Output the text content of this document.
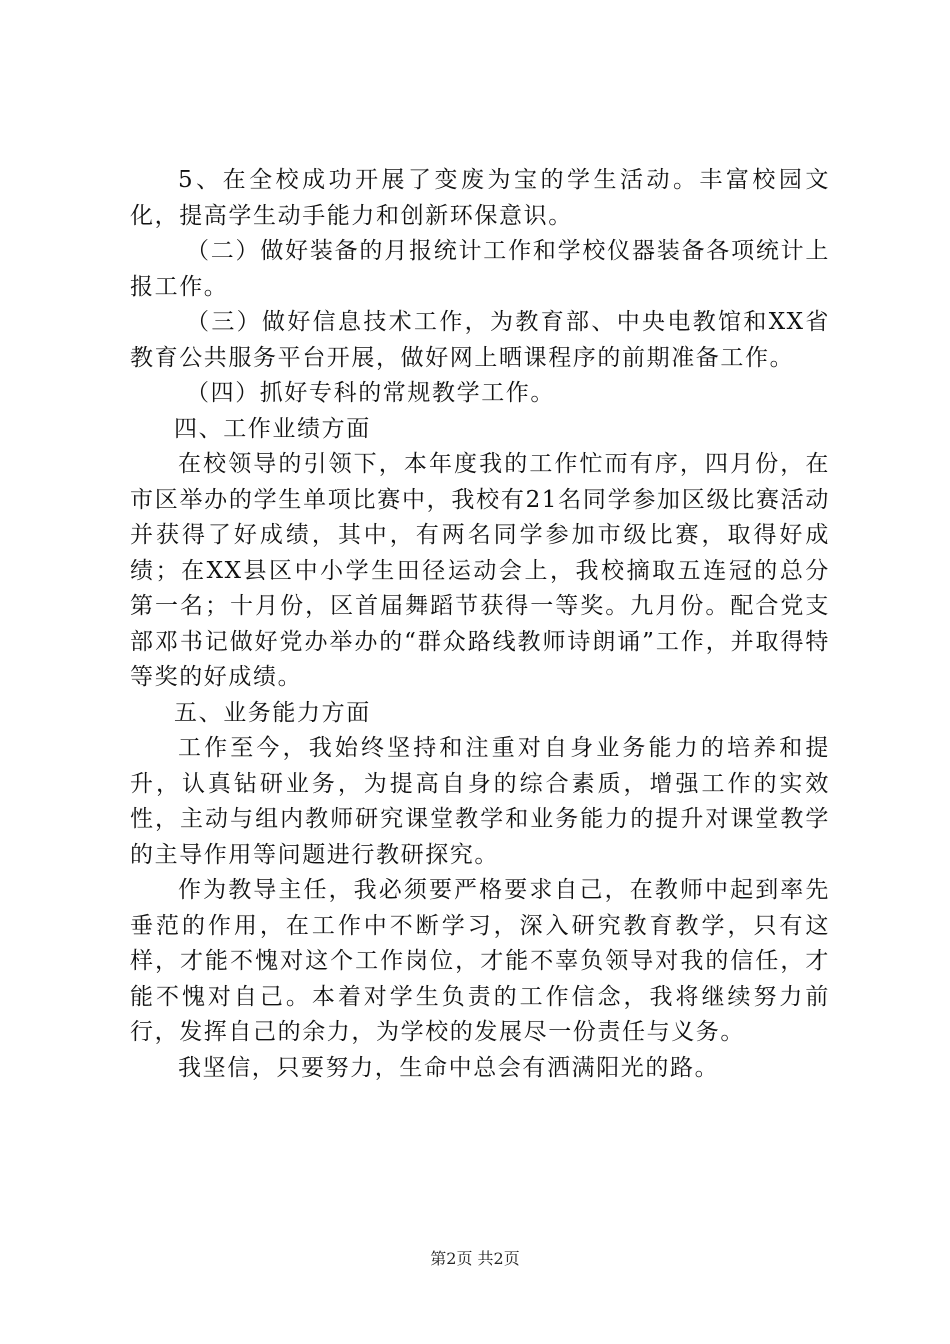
5、在全校成功开展了变废为宝的学生活动。丰富校园文化，提高学生动手能力和创新环保意识。

（二）做好装备的月报统计工作和学校仪器装备各项统计上报工作。

（三）做好信息技术工作，为教育部、中央电教馆和XX省教育公共服务平台开展，做好网上晒课程序的前期准备工作。

（四）抓好专科的常规教学工作。

四、工作业绩方面

在校领导的引领下，本年度我的工作忙而有序，四月份，在市区举办的学生单项比赛中，我校有21名同学参加区级比赛活动并获得了好成绩，其中，有两名同学参加市级比赛，取得好成绩；在XX县区中小学生田径运动会上，我校摘取五连冠的总分第一名；十月份，区首届舞蹈节获得一等奖。九月份。配合党支部邓书记做好党办举办的“群众路线教师诗朗诵”工作，并取得特等奖的好成绩。

五、业务能力方面

工作至今，我始终坚持和注重对自身业务能力的培养和提升，认真钻研业务，为提高自身的综合素质，增强工作的实效性，主动与组内教师研究课堂教学和业务能力的提升对课堂教学的主导作用等问题进行教研探究。

作为教导主任，我必须要严格要求自己，在教师中起到率先垂范的作用，在工作中不断学习，深入研究教育教学，只有这样，才能不愧对这个工作岗位，才能不辜负领导对我的信任，才能不愧对自己。本着对学生负责的工作信念，我将继续努力前行，发挥自己的余力，为学校的发展尽一份责任与义务。

我坚信，只要努力，生命中总会有洒满阳光的路。

第2页 共2页
